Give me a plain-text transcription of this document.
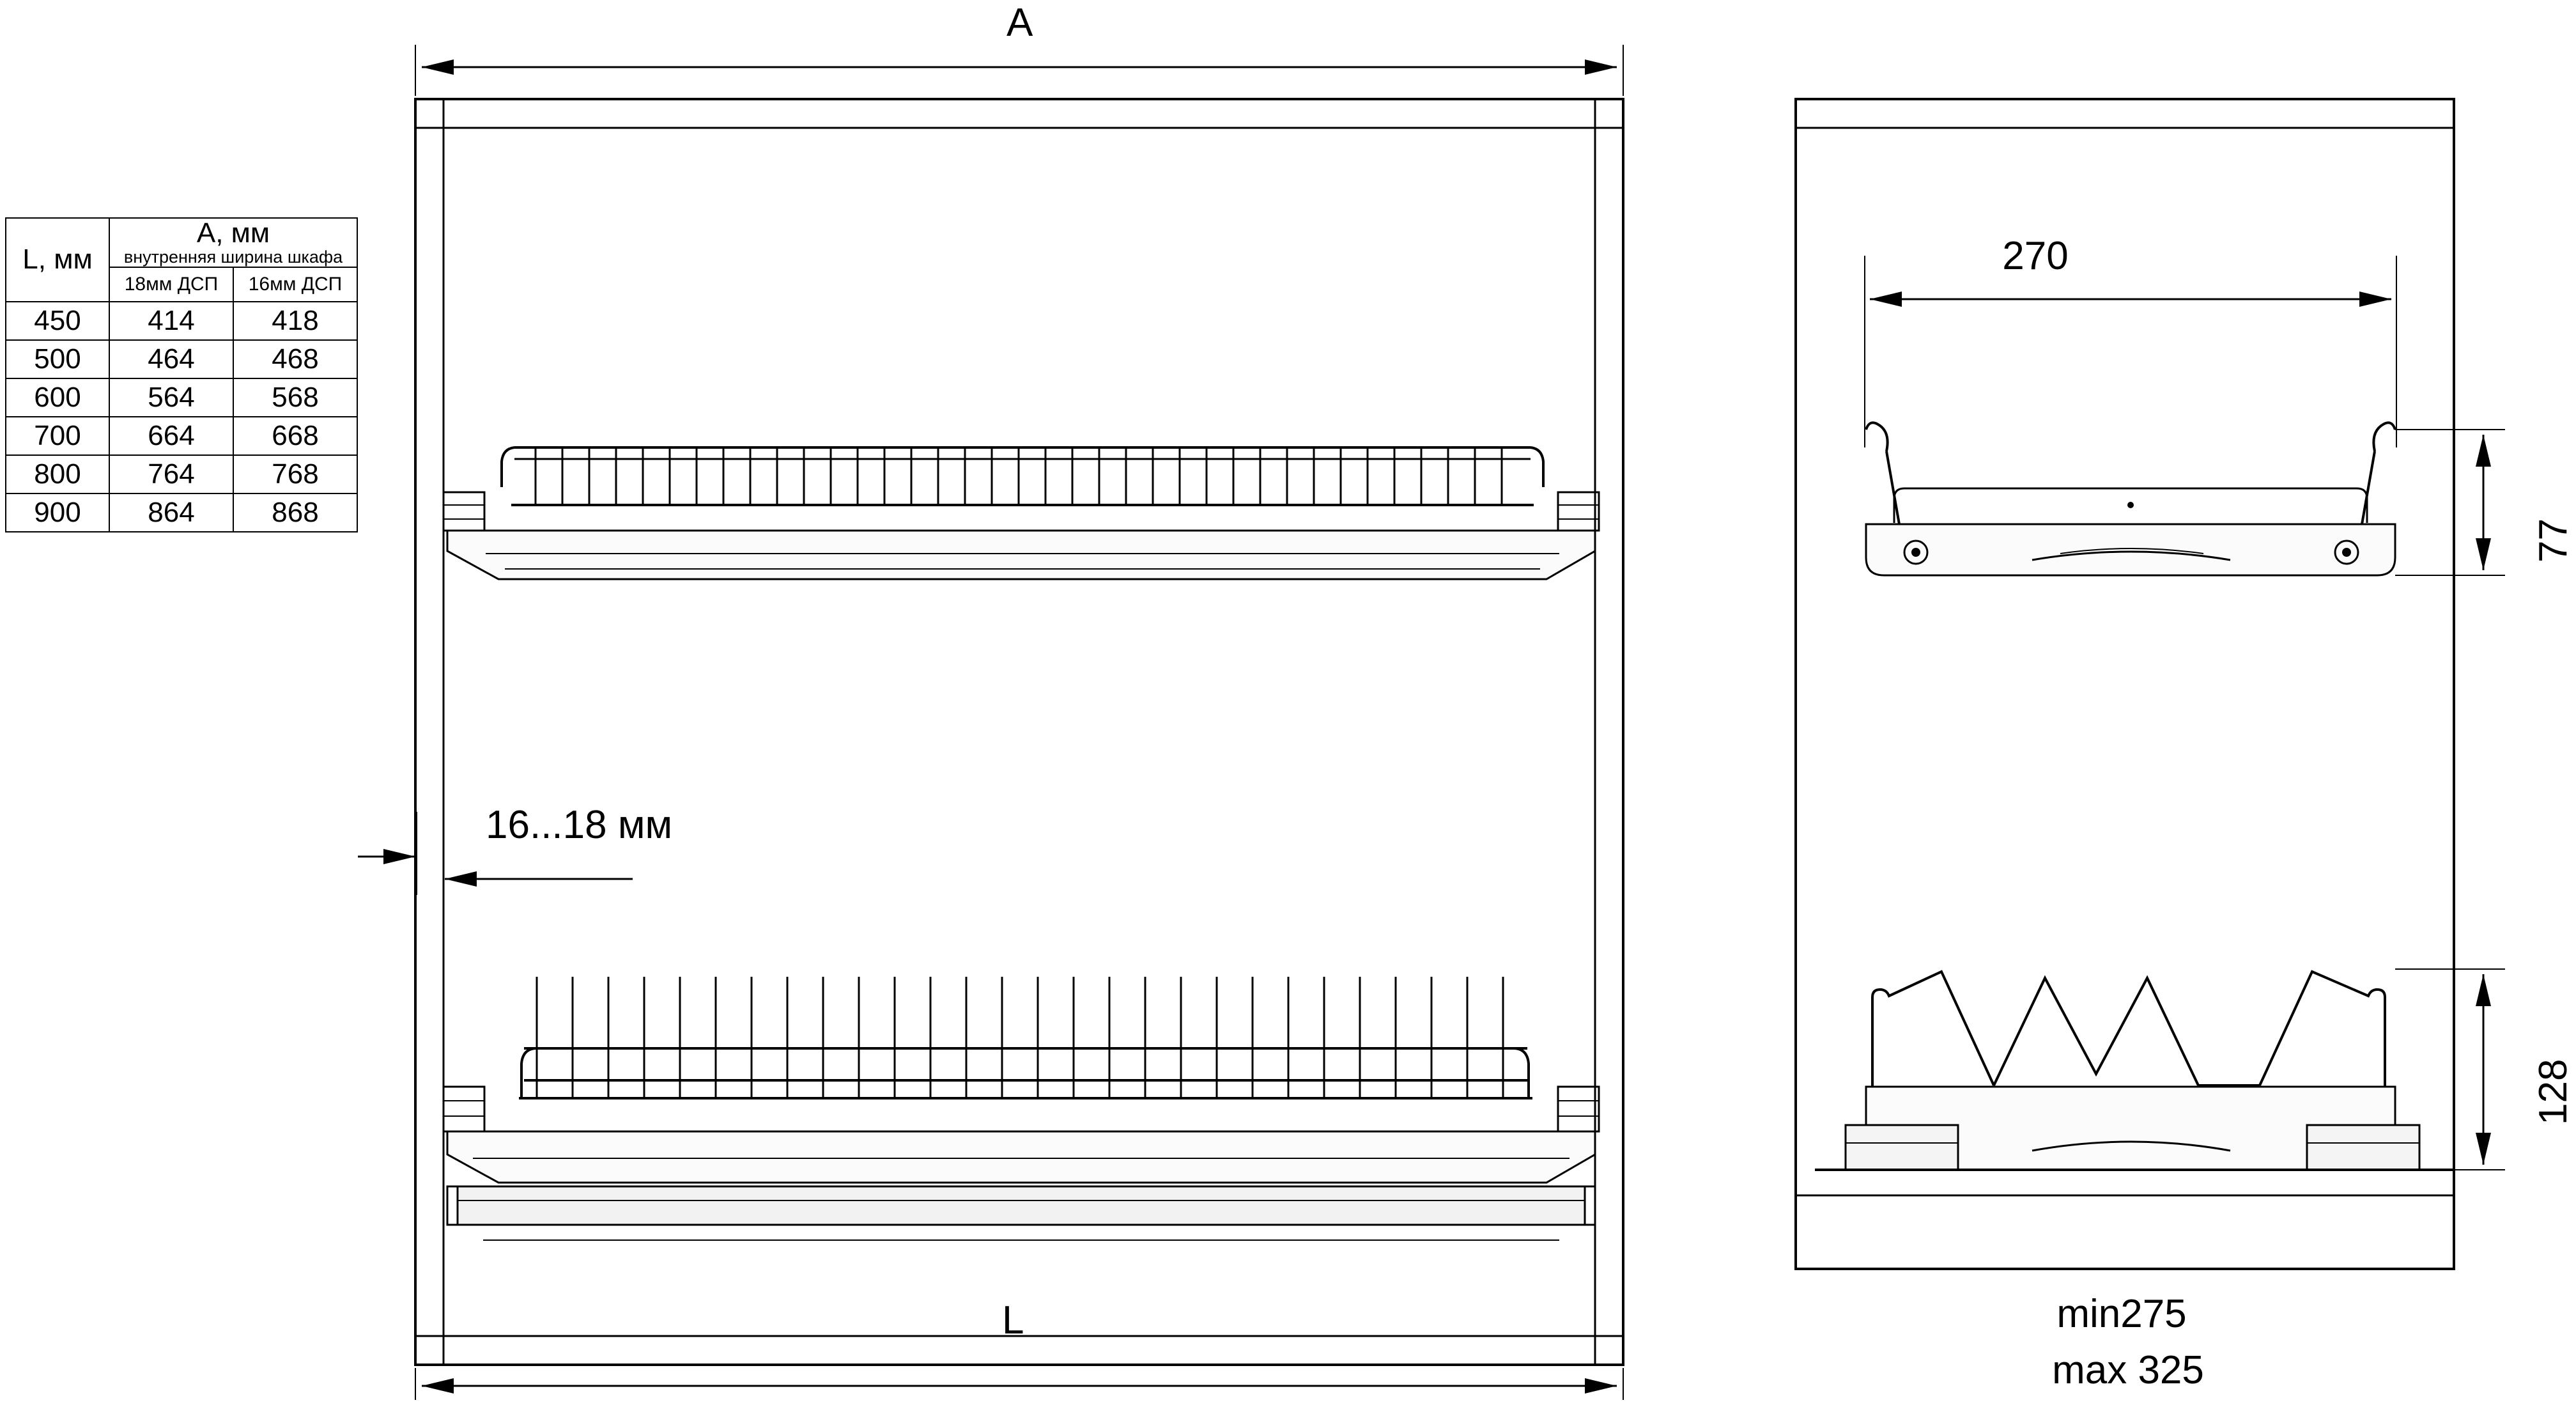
L, мм	A, мм
внутренняя ширина шкафа	

	18мм ДСП	16мм ДСП
450	414	418
500	464	468
600	564	568
700	664	668
800	764	768
900	864	868
A
L
16...18 мм
270
77
128
min275
max 325
